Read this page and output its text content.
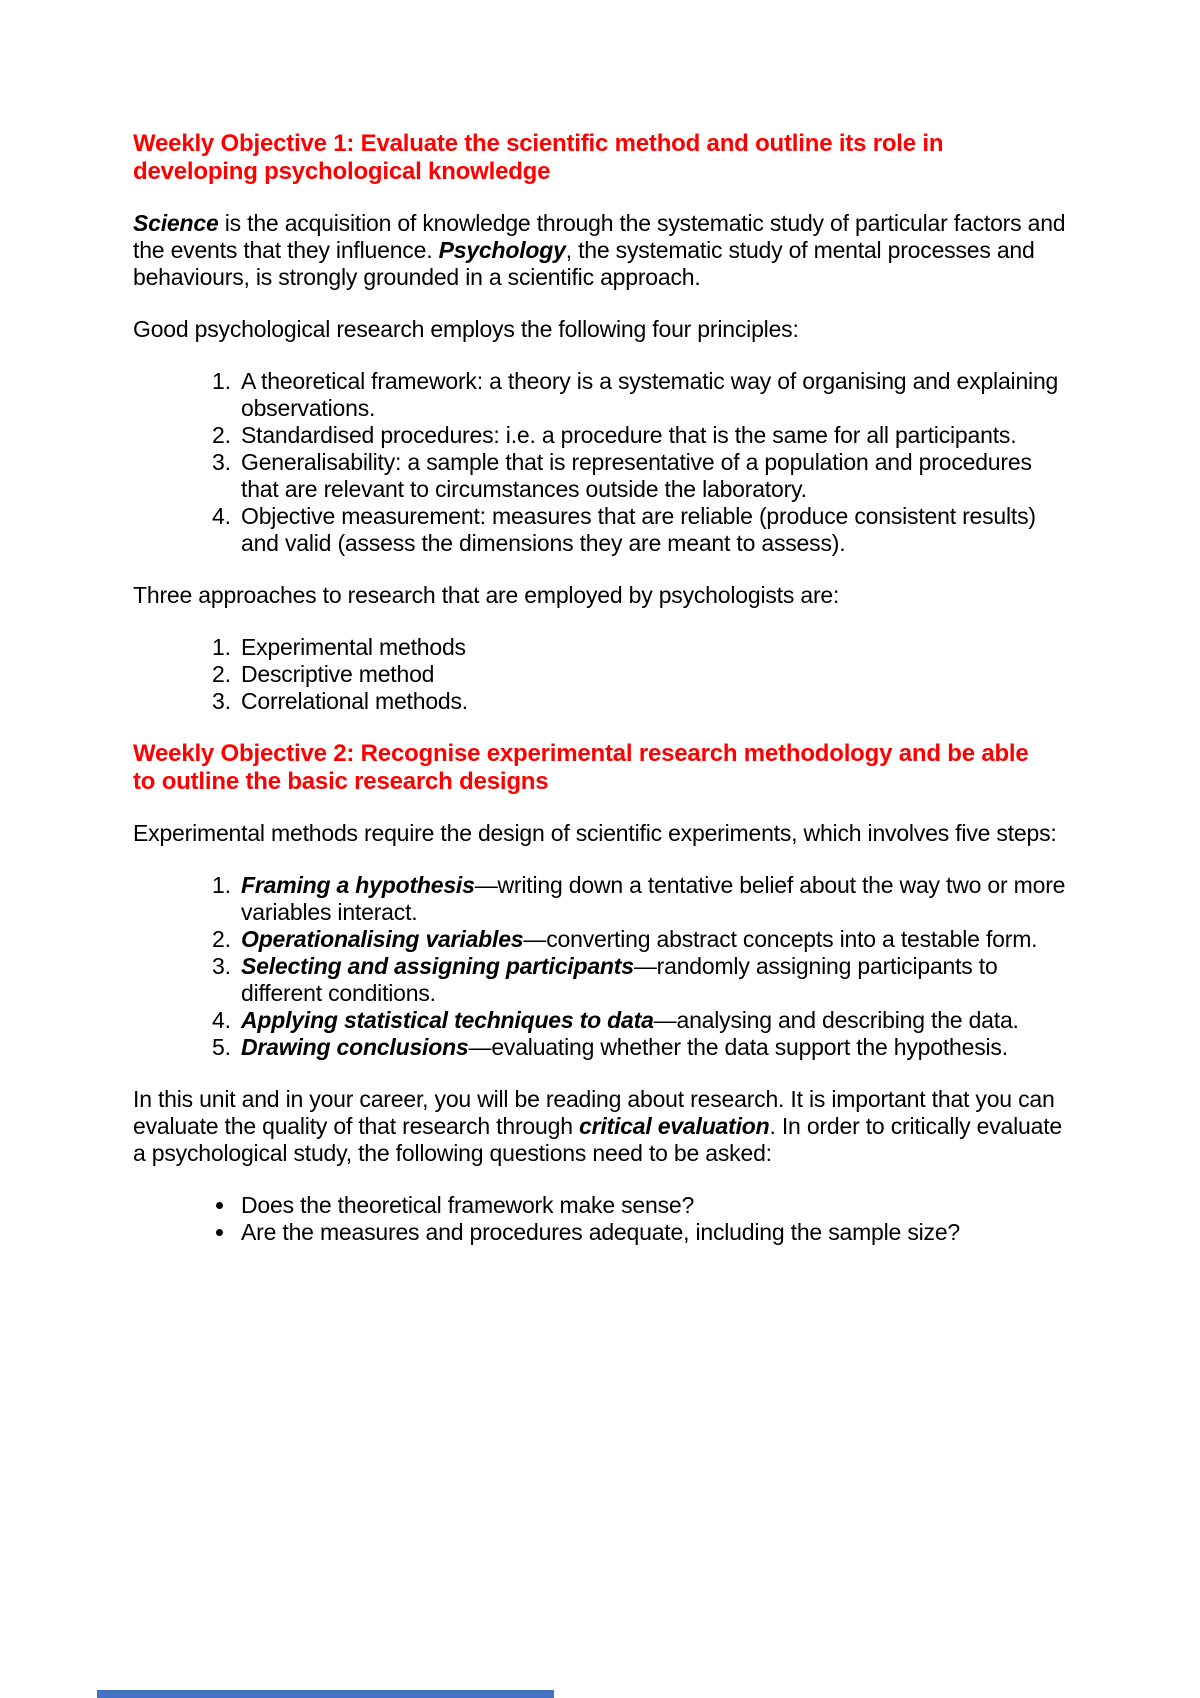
Weekly Objective 1: Evaluate the scientific method and outline its role in developing psychological knowledge

Science is the acquisition of knowledge through the systematic study of particular factors and the events that they influence. Psychology, the systematic study of mental processes and behaviours, is strongly grounded in a scientific approach.

Good psychological research employs the following four principles:

1. A theoretical framework: a theory is a systematic way of organising and explaining observations.
2. Standardised procedures: i.e. a procedure that is the same for all participants.
3. Generalisability: a sample that is representative of a population and procedures that are relevant to circumstances outside the laboratory.
4. Objective measurement: measures that are reliable (produce consistent results) and valid (assess the dimensions they are meant to assess).

Three approaches to research that are employed by psychologists are:

1. Experimental methods
2. Descriptive method
3. Correlational methods.
Weekly Objective 2: Recognise experimental research methodology and be able to outline the basic research designs

Experimental methods require the design of scientific experiments, which involves five steps:

1. Framing a hypothesis—writing down a tentative belief about the way two or more variables interact.
2. Operationalising variables—converting abstract concepts into a testable form.
3. Selecting and assigning participants—randomly assigning participants to different conditions.
4. Applying statistical techniques to data—analysing and describing the data.
5. Drawing conclusions—evaluating whether the data support the hypothesis.

In this unit and in your career, you will be reading about research. It is important that you can evaluate the quality of that research through critical evaluation. In order to critically evaluate a psychological study, the following questions need to be asked:

• Does the theoretical framework make sense?
• Are the measures and procedures adequate, including the sample size?
